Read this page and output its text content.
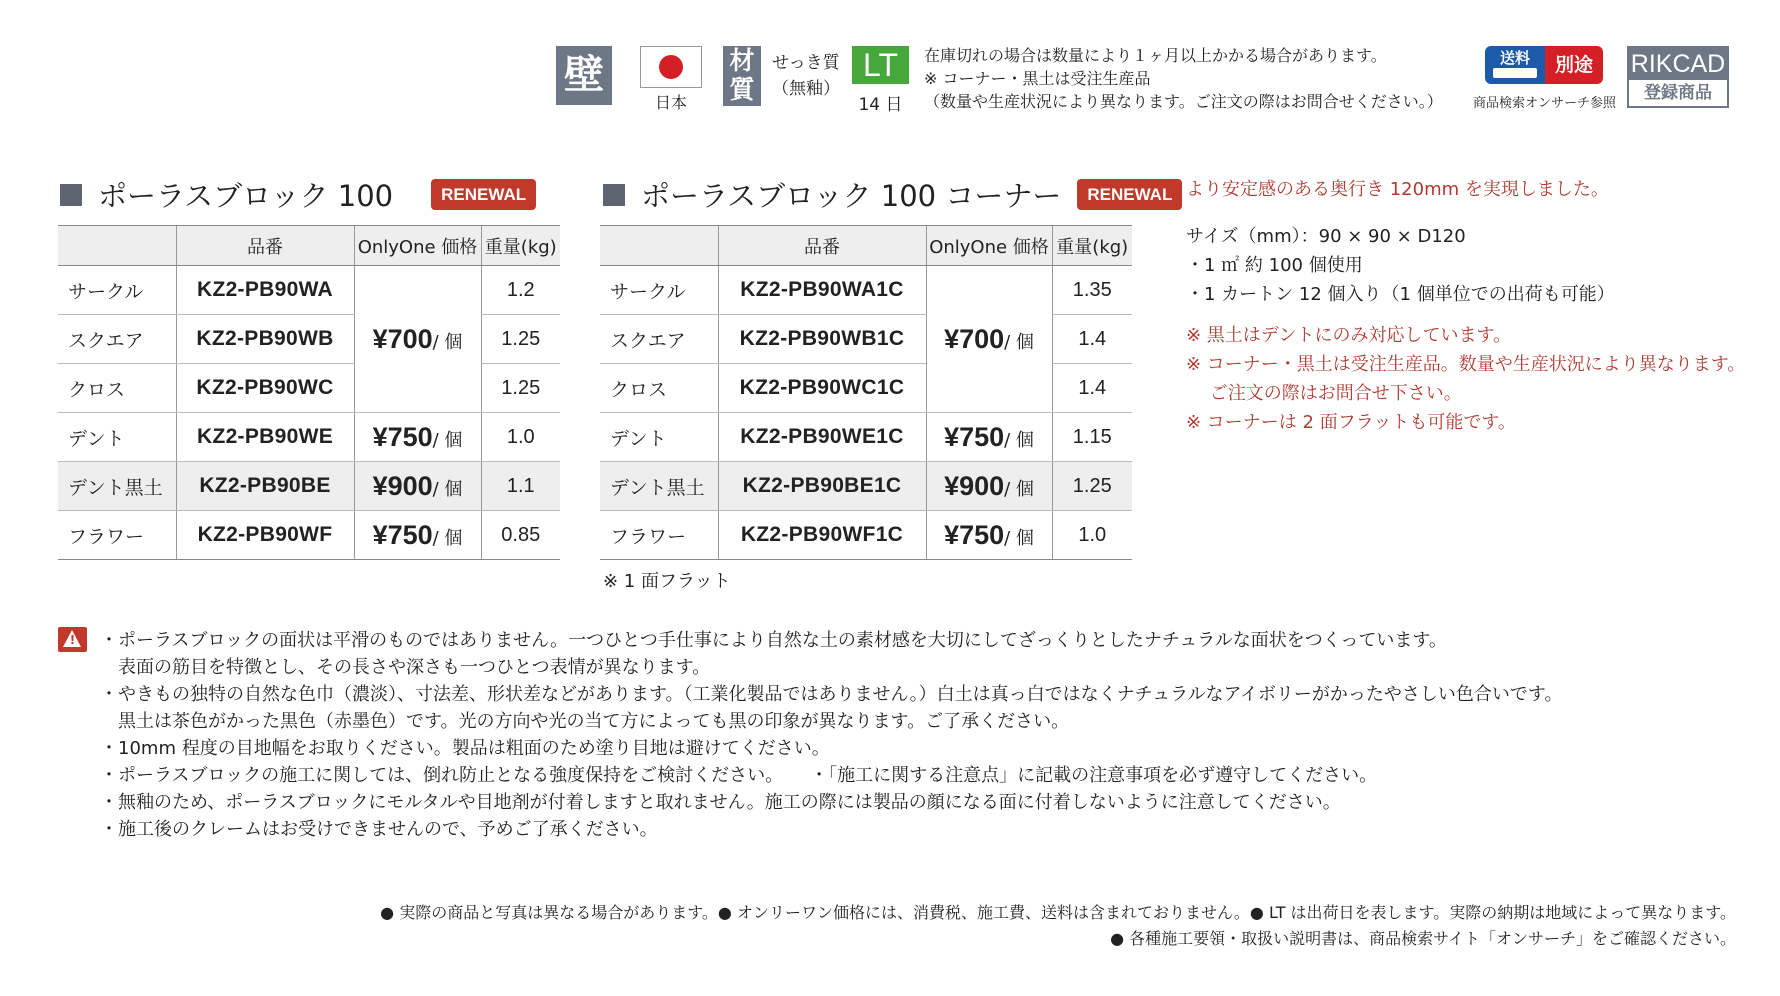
壁
日本
材質
せっき質
（無釉）
LT
14 日
在庫切れの場合は数量により１ヶ月以上かかる場合があります。
※ コーナー・黒土は受注生産品
（数量や生産状況により異なります。ご注文の際はお問合せください。）
送料	別途
商品検索オンサーチ参照
RIKCAD
登録商品
ポーラスブロック 100	RENEWAL
	品番	OnlyOne 価格	重量(kg)
サークル	KZ2-PB90WA	¥700/ 個	1.2
スクエア	KZ2-PB90WB		1.25
クロス	KZ2-PB90WC		1.25
デント	KZ2-PB90WE	¥750/ 個	1.0
デント黒土	KZ2-PB90BE	¥900/ 個	1.1
フラワー	KZ2-PB90WF	¥750/ 個	0.85
ポーラスブロック 100 コーナー	RENEWAL
	品番	OnlyOne 価格	重量(kg)
サークル	KZ2-PB90WA1C	¥700/ 個	1.35
スクエア	KZ2-PB90WB1C		1.4
クロス	KZ2-PB90WC1C		1.4
デント	KZ2-PB90WE1C	¥750/ 個	1.15
デント黒土	KZ2-PB90BE1C	¥900/ 個	1.25
フラワー	KZ2-PB90WF1C	¥750/ 個	1.0
※ 1 面フラット
より安定感のある奥行き 120mm を実現しました。
サイズ（mm）：90 × 90 × D120
・1 ㎡ 約 100 個使用
・1 カートン 12 個入り（1 個単位での出荷も可能）
※ 黒土はデントにのみ対応しています。
※ コーナー・黒土は受注生産品。数量や生産状況により異なります。
　 ご注文の際はお問合せ下さい。
※ コーナーは 2 面フラットも可能です。
!	・ポーラスブロックの面状は平滑のものではありません。一つひとつ手仕事により自然な土の素材感を大切にしてざっくりとしたナチュラルな面状をつくっています。
　表面の筋目を特徴とし、その長さや深さも一つひとつ表情が異なります。
・やきもの独特の自然な色巾（濃淡）、寸法差、形状差などがあります。（工業化製品ではありません。）白土は真っ白ではなくナチュラルなアイボリーがかったやさしい色合いです。
　黒土は茶色がかった黒色（赤墨色）です。光の方向や光の当て方によっても黒の印象が異なります。ご了承ください。
・10mm 程度の目地幅をお取りください。製品は粗面のため塗り目地は避けてください。
・ポーラスブロックの施工に関しては、倒れ防止となる強度保持をご検討ください。　　・「施工に関する注意点」に記載の注意事項を必ず遵守してください。
・無釉のため、ポーラスブロックにモルタルや目地剤が付着しますと取れません。施工の際には製品の顔になる面に付着しないように注意してください。
・施工後のクレームはお受けできませんので、予めご了承ください。
● 実際の商品と写真は異なる場合があります。● オンリーワン価格には、消費税、施工費、送料は含まれておりません。● LT は出荷日を表します。実際の納期は地域によって異なります。
● 各種施工要領・取扱い説明書は、商品検索サイト「オンサーチ」をご確認ください。
